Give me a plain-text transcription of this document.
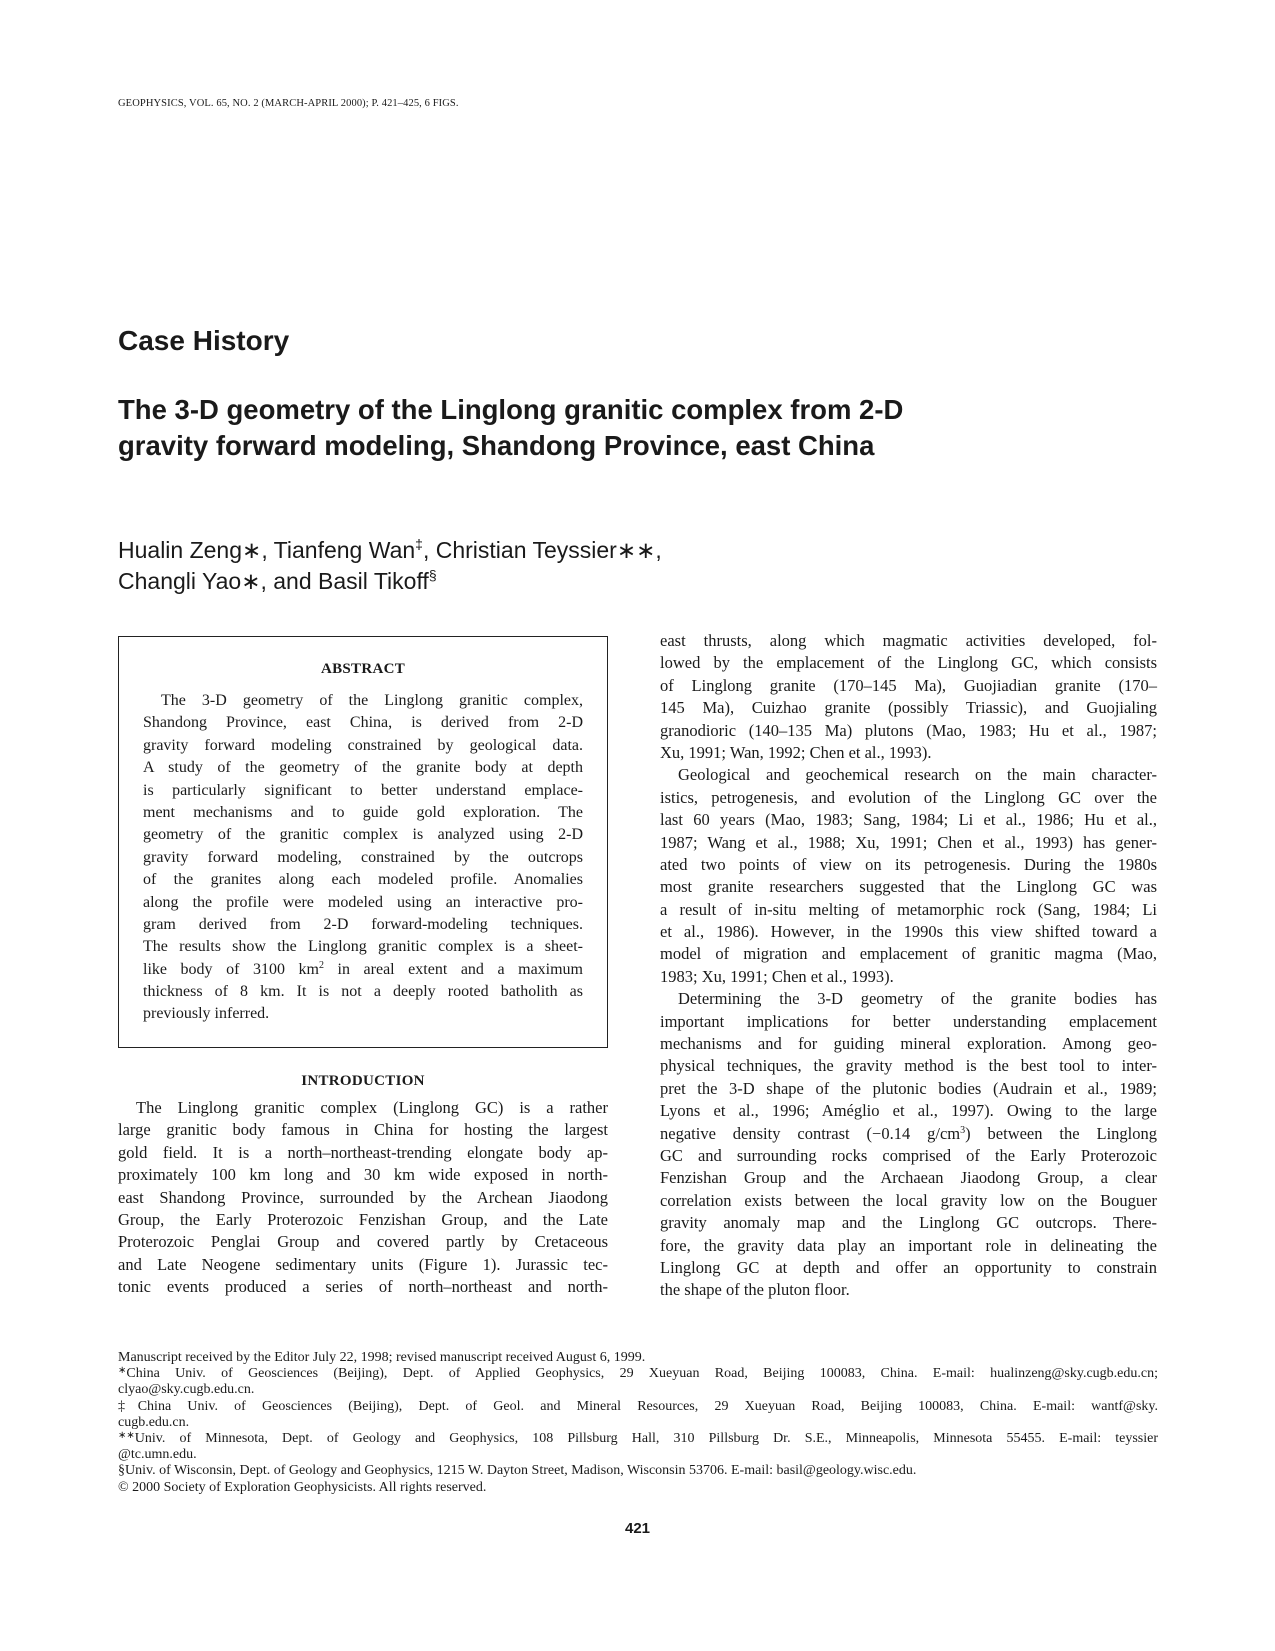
GEOPHYSICS, VOL. 65, NO. 2 (MARCH-APRIL 2000); P. 421–425, 6 FIGS.
Case History
The 3-D geometry of the Linglong granitic complex from 2-D
gravity forward modeling, Shandong Province, east China
Hualin Zeng∗, Tianfeng Wan‡, Christian Teyssier∗∗,
Changli Yao∗, and Basil Tikoff§
ABSTRACT
The 3-D geometry of the Linglong granitic complex,
Shandong Province, east China, is derived from 2-D
gravity forward modeling constrained by geological data.
A study of the geometry of the granite body at depth
is particularly significant to better understand emplace-
ment mechanisms and to guide gold exploration. The
geometry of the granitic complex is analyzed using 2-D
gravity forward modeling, constrained by the outcrops
of the granites along each modeled profile. Anomalies
along the profile were modeled using an interactive pro-
gram derived from 2-D forward-modeling techniques.
The results show the Linglong granitic complex is a sheet-
like body of 3100 $km^2$ in areal extent and a maximum
thickness of 8 km. It is not a deeply rooted batholith as
previously inferred.
INTRODUCTION
The Linglong granitic complex (Linglong GC) is a rather
large granitic body famous in China for hosting the largest
gold field. It is a north–northeast-trending elongate body ap-
proximately 100 km long and 30 km wide exposed in north-
east Shandong Province, surrounded by the Archean Jiaodong
Group, the Early Proterozoic Fenzishan Group, and the Late
Proterozoic Penglai Group and covered partly by Cretaceous
and Late Neogene sedimentary units (Figure 1). Jurassic tec-
tonic events produced a series of north–northeast and north-
east thrusts, along which magmatic activities developed, fol-
lowed by the emplacement of the Linglong GC, which consists
of Linglong granite (170–145 Ma), Guojiadian granite (170–
145 Ma), Cuizhao granite (possibly Triassic), and Guojialing
granodioric (140–135 Ma) plutons (Mao, 1983; Hu et al., 1987;
Xu, 1991; Wan, 1992; Chen et al., 1993).
Geological and geochemical research on the main character-
istics, petrogenesis, and evolution of the Linglong GC over the
last 60 years (Mao, 1983; Sang, 1984; Li et al., 1986; Hu et al.,
1987; Wang et al., 1988; Xu, 1991; Chen et al., 1993) has gener-
ated two points of view on its petrogenesis. During the 1980s
most granite researchers suggested that the Linglong GC was
a result of in-situ melting of metamorphic rock (Sang, 1984; Li
et al., 1986). However, in the 1990s this view shifted toward a
model of migration and emplacement of granitic magma (Mao,
1983; Xu, 1991; Chen et al., 1993).
Determining the 3-D geometry of the granite bodies has
important implications for better understanding emplacement
mechanisms and for guiding mineral exploration. Among geo-
physical techniques, the gravity method is the best tool to inter-
pret the 3-D shape of the plutonic bodies (Audrain et al., 1989;
Lyons et al., 1996; Améglio et al., 1997). Owing to the large
negative density contrast (−0.14 $g/cm^3$) between the Linglong
GC and surrounding rocks comprised of the Early Proterozoic
Fenzishan Group and the Archaean Jiaodong Group, a clear
correlation exists between the local gravity low on the Bouguer
gravity anomaly map and the Linglong GC outcrops. There-
fore, the gravity data play an important role in delineating the
Linglong GC at depth and offer an opportunity to constrain
the shape of the pluton floor.
Manuscript received by the Editor July 22, 1998; revised manuscript received August 6, 1999.
∗China Univ. of Geosciences (Beijing), Dept. of Applied Geophysics, 29 Xueyuan Road, Beijing 100083, China. E-mail: hualinzeng@sky.cugb.edu.cn;
clyao@sky.cugb.edu.cn.
‡China Univ. of Geosciences (Beijing), Dept. of Geol. and Mineral Resources, 29 Xueyuan Road, Beijing 100083, China. E-mail: wantf@sky.
cugb.edu.cn.
∗∗Univ. of Minnesota, Dept. of Geology and Geophysics, 108 Pillsburg Hall, 310 Pillsburg Dr. S.E., Minneapolis, Minnesota 55455. E-mail: teyssier
@tc.umn.edu.
§Univ. of Wisconsin, Dept. of Geology and Geophysics, 1215 W. Dayton Street, Madison, Wisconsin 53706. E-mail: basil@geology.wisc.edu.
© 2000 Society of Exploration Geophysicists. All rights reserved.
421
